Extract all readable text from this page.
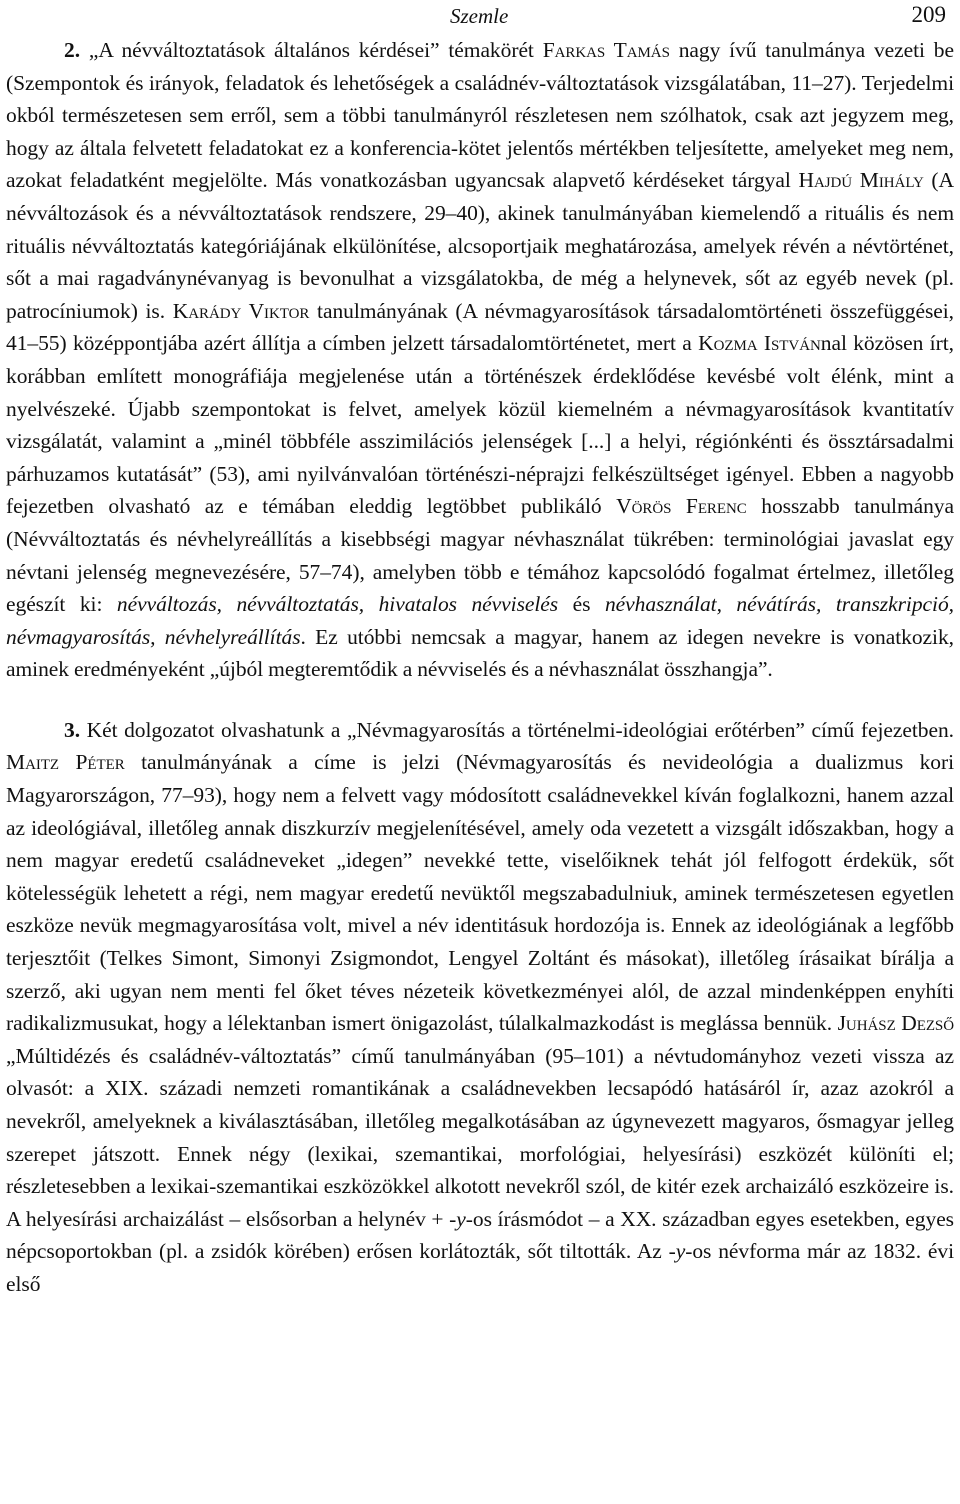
Szemle	209

2. „A névváltoztatások általános kérdései” témakörét Farkas Tamás nagy ívű tanulmánya vezeti be (Szempontok és irányok, feladatok és lehetőségek a családnév-változtatások vizsgálatában, 11–27). Terjedelmi okból természetesen sem erről, sem a többi tanulmányról részletesen nem szólhatok, csak azt jegyzem meg, hogy az általa felvetett feladatokat ez a konferencia-kötet jelentős mértékben teljesítette, amelyeket meg nem, azokat feladatként megjelölte. Más vonatkozásban ugyancsak alapvető kérdéseket tárgyal Hajdú Mihály (A névváltozások és a névváltoztatások rendszere, 29–40), akinek tanulmányában kiemelendő a rituális és nem rituális névváltoztatás kategóriájának elkülönítése, alcsoportjaik meghatározása, amelyek révén a névtörténet, sőt a mai ragadványnévanyag is bevonulhat a vizsgálatokba, de még a helynevek, sőt az egyéb nevek (pl. patrocíniumok) is. Karády Viktor tanulmányának (A névmagyarosítások társadalomtörténeti összefüggései, 41–55) középpontjába azért állítja a címben jelzett társadalomtörténetet, mert a Kozma Istvánnal közösen írt, korábban említett monográfiája megjelenése után a történészek érdeklődése kevésbé volt élénk, mint a nyelvészeké. Újabb szempontokat is felvet, amelyek közül kiemelném a névmagyarosítások kvantitatív vizsgálatát, valamint a „minél többféle asszimilációs jelenségek [...] a helyi, régiónkénti és össztársadalmi párhuzamos kutatását” (53), ami nyilvánvalóan történészi-néprajzi felkészültséget igényel. Ebben a nagyobb fejezetben olvasható az e témában eleddig legtöbbet publikáló Vörös Ferenc hosszabb tanulmánya (Névváltoztatás és névhelyreállítás a kisebbségi magyar névhasználat tükrében: terminológiai javaslat egy névtani jelenség megnevezésére, 57–74), amelyben több e témához kapcsolódó fogalmat értelmez, illetőleg egészít ki: névváltozás, névváltoztatás, hivatalos névviselés és névhasználat, névátírás, transzkripció, névmagyarosítás, névhelyreállítás. Ez utóbbi nemcsak a magyar, hanem az idegen nevekre is vonatkozik, aminek eredményeként „újból megteremtődik a névviselés és a névhasználat összhangja”.

3. Két dolgozatot olvashatunk a „Névmagyarosítás a történelmi-ideológiai erőtérben” című fejezetben. Maitz Péter tanulmányának a címe is jelzi (Névmagyarosítás és nevideológia a dualizmus kori Magyarországon, 77–93), hogy nem a felvett vagy módosított családnevekkel kíván foglalkozni, hanem azzal az ideológiával, illetőleg annak diszkurzív megjelenítésével, amely oda vezetett a vizsgált időszakban, hogy a nem magyar eredetű családneveket „idegen” nevekké tette, viselőiknek tehát jól felfogott érdekük, sőt kötelességük lehetett a régi, nem magyar eredetű nevüktől megszabadulniuk, aminek természetesen egyetlen eszköze nevük megmagyarosítása volt, mivel a név identitásuk hordozója is. Ennek az ideológiának a legfőbb terjesztőit (Telkes Simont, Simonyi Zsigmondot, Lengyel Zoltánt és másokat), illetőleg írásaikat bírálja a szerző, aki ugyan nem menti fel őket téves nézeteik következményei alól, de azzal mindenképpen enyhíti radikalizmusukat, hogy a lélektanban ismert önigazolást, túlalkalmazkodást is meglássa bennük. Juhász Dezső „Múltidézés és családnév-változtatás” című tanulmányában (95–101) a névtudományhoz vezeti vissza az olvasót: a XIX. századi nemzeti romantikának a családnevekben lecsapódó hatásáról ír, azaz azokról a nevekről, amelyeknek a kiválasztásában, illetőleg megalkotásában az úgynevezett magyaros, ősmagyar jelleg szerepet játszott. Ennek négy (lexikai, szemantikai, morfológiai, helyesírási) eszközét különíti el; részletesebben a lexikai-szemantikai eszközökkel alkotott nevekről szól, de kitér ezek archaizáló eszközeire is. A helyesírási archaizálást – elsősorban a helynév + -y-os írásmódot – a XX. században egyes esetekben, egyes népcsoportokban (pl. a zsidók körében) erősen korlátozták, sőt tiltották. Az -y-os névforma már az 1832. évi első
